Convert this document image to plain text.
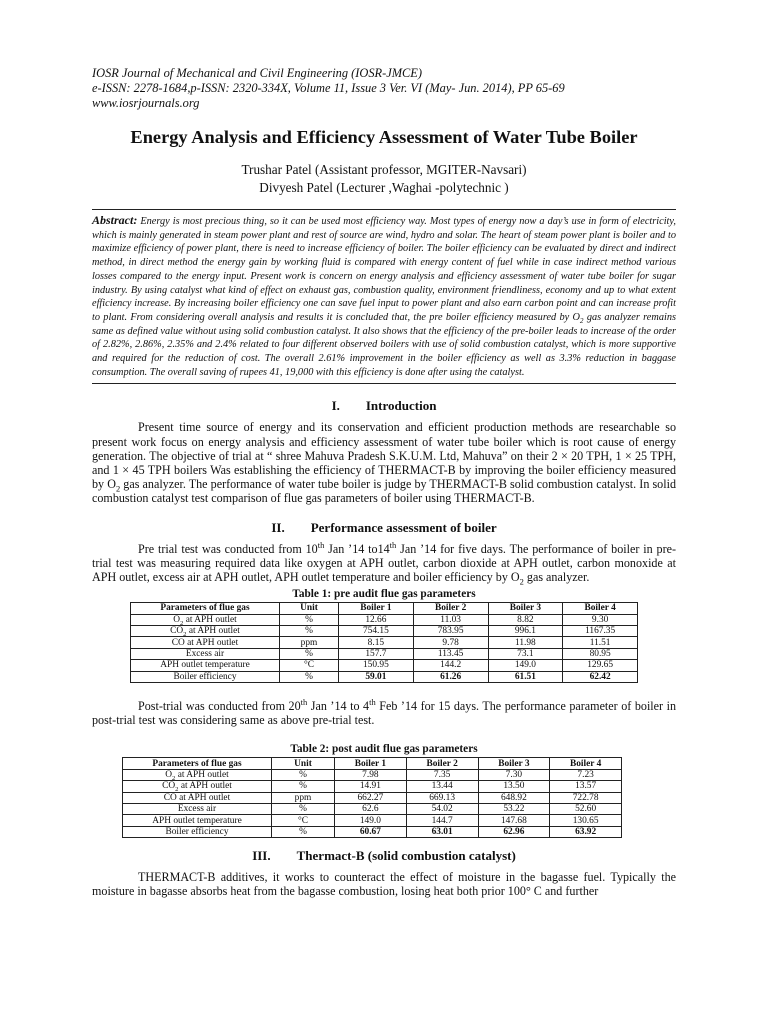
IOSR Journal of Mechanical and Civil Engineering (IOSR-JMCE)
e-ISSN: 2278-1684,p-ISSN: 2320-334X, Volume 11, Issue 3 Ver. VI (May- Jun. 2014), PP 65-69
www.iosrjournals.org
Energy Analysis and Efficiency Assessment of Water Tube Boiler
Trushar Patel (Assistant professor, MGITER-Navsari)
Divyesh Patel (Lecturer ,Waghai -polytechnic )
Abstract: Energy is most precious thing, so it can be used most efficiency way. Most types of energy now a day’s use in form of electricity, which is mainly generated in steam power plant and rest of source are wind, hydro and solar. The heart of steam power plant is boiler and to maximize efficiency of power plant, there is need to increase efficiency of boiler. The boiler efficiency can be evaluated by direct and indirect method, in direct method the energy gain by working fluid is compared with energy content of fuel while in case indirect method various losses compared to the energy input. Present work is concern on energy analysis and efficiency assessment of water tube boiler for sugar industry. By using catalyst what kind of effect on exhaust gas, combustion quality, environment friendliness, economy and up to what extent efficiency increase. By increasing boiler efficiency one can save fuel input to power plant and also earn carbon point and can increase profit to plant. From considering overall analysis and results it is concluded that, the pre boiler efficiency measured by $O_2$ gas analyzer remains same as defined value without using solid combustion catalyst. It also shows that the efficiency of the pre-boiler leads to increase of the order of 2.82%, 2.86%, 2.35% and 2.4% related to four different observed boilers with use of solid combustion catalyst, which is more supportive and required for the reduction of cost. The overall 2.61% improvement in the boiler efficiency as well as 3.3% reduction in baggase consumption. The overall saving of rupees 41, 19,000 with this efficiency is done after using the catalyst.
I. Introduction

Present time source of energy and its conservation and efficient production methods are researchable so present work focus on energy analysis and efficiency assessment of water tube boiler which is root cause of energy generation. The objective of trial at “ shree Mahuva Pradesh S.K.U.M. Ltd, Mahuva” on their 2 × 20 TPH, 1 × 25 TPH, and 1 × 45 TPH boilers Was establishing the efficiency of THERMACT-B by improving the boiler efficiency measured by $O_2$ gas analyzer. The performance of water tube boiler is judge by THERMACT-B solid combustion catalyst. In solid combustion catalyst test comparison of flue gas parameters of boiler using THERMACT-B.

II. Performance assessment of boiler

Pre trial test was conducted from 10th Jan ’14 to14th Jan ’14 for five days. The performance of boiler in pre-trial test was measuring required data like oxygen at APH outlet, carbon dioxide at APH outlet, carbon monoxide at APH outlet, excess air at APH outlet, APH outlet temperature and boiler efficiency by $O_2$ gas analyzer.

Table 1: pre audit flue gas parameters
Parameters of flue gas	Unit	Boiler 1	Boiler 2	Boiler 3	Boiler 4
$O_2$ at APH outlet	%	12.66	11.03	8.82	9.30
$CO_2$ at APH outlet	%	754.15	783.95	996.1	1167.35
CO at APH outlet	ppm	8.15	9.78	11.98	11.51
Excess air	%	157.7	113.45	73.1	80.95
APH outlet temperature	°C	150.95	144.2	149.0	129.65
Boiler efficiency	%	59.01	61.26	61.51	62.42

Post-trial was conducted from 20th Jan ’14 to 4th Feb ’14 for 15 days. The performance parameter of boiler in post-trial test was considering same as above pre-trial test.

Table 2: post audit flue gas parameters
Parameters of flue gas	Unit	Boiler 1	Boiler 2	Boiler 3	Boiler 4
$O_2$ at APH outlet	%	7.98	7.35	7.30	7.23
$CO_2$ at APH outlet	%	14.91	13.44	13.50	13.57
CO at APH outlet	ppm	662.27	669.13	648.92	722.78
Excess air	%	62.6	54.02	53.22	52.60
APH outlet temperature	°C	149.0	144.7	147.68	130.65
Boiler efficiency	%	60.67	63.01	62.96	63.92
III. Thermact-B (solid combustion catalyst)

THERMACT-B additives, it works to counteract the effect of moisture in the bagasse fuel. Typically the moisture in bagasse absorbs heat from the bagasse combustion, losing heat both prior 100° C and further
